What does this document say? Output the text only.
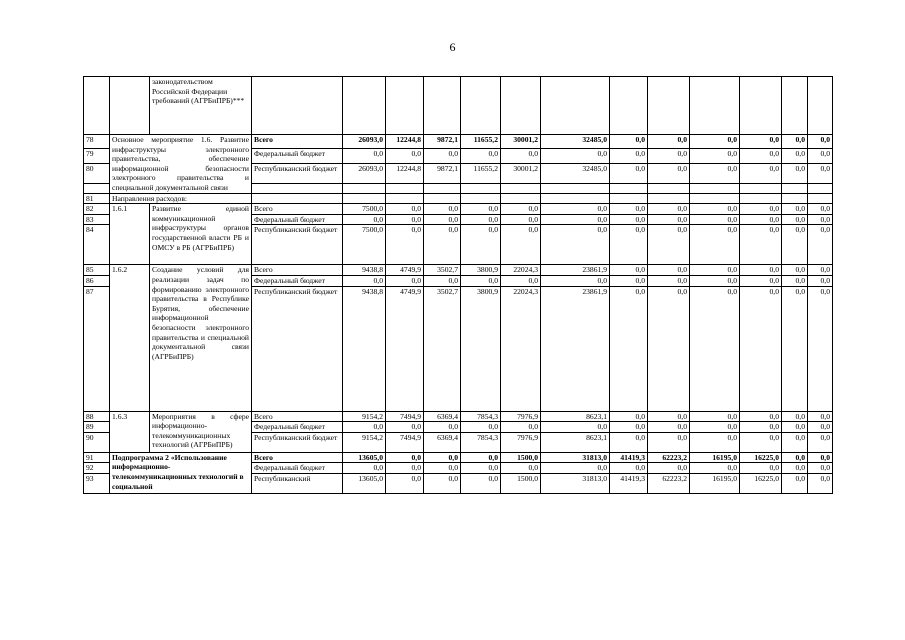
6
		законодательством Российской Федерации требований (АГРБиПРБ)***													
78	Основное мероприятие 1.6. Развитие инфраструктуры электронного правительства, обеспечение информационной безопасности электронного правительства и специальной документальной связи		Всего	26093,0	12244,8	9872,1	11655,2	30001,2	32485,0	0,0	0,0	0,0	0,0	0,0	0,0
79			Федеральный бюджет	0,0	0,0	0,0	0,0	0,0	0,0	0,0	0,0	0,0	0,0	0,0	0,0
80			Республиканский бюджет	26093,0	12244,8	9872,1	11655,2	30001,2	32485,0	0,0	0,0	0,0	0,0	0,0	0,0

81	Направления расходов:														
82	1.6.1	Развитие единой коммуникационной инфраструктуры органов государственной власти РБ и ОМСУ в РБ (АГРБиПРБ)	Всего	7500,0	0,0	0,0	0,0	0,0	0,0	0,0	0,0	0,0	0,0	0,0	0,0
83			Федеральный бюджет	0,0	0,0	0,0	0,0	0,0	0,0	0,0	0,0	0,0	0,0	0,0	0,0
84			Республиканский бюджет	7500,0	0,0	0,0	0,0	0,0	0,0	0,0	0,0	0,0	0,0	0,0	0,0
85	1.6.2	Создание условий для реализации задач по формированию электронного правительства в Республике Бурятия, обеспечение информационной безопасности электронного правительства и специальной документальной связи (АГРБиПРБ)	Всего	9438,8	4749,9	3502,7	3800,9	22024,3	23861,9	0,0	0,0	0,0	0,0	0,0	0,0
86			Федеральный бюджет	0,0	0,0	0,0	0,0	0,0	0,0	0,0	0,0	0,0	0,0	0,0	0,0
87			Республиканский бюджет	9438,8	4749,9	3502,7	3800,9	22024,3	23861,9	0,0	0,0	0,0	0,0	0,0	0,0
88	1.6.3	Мероприятия в сфере информационно-телекоммуникационных технологий (АГРБиПРБ)	Всего	9154,2	7494,9	6369,4	7854,3	7976,9	8623,1	0,0	0,0	0,0	0,0	0,0	0,0
89			Федеральный бюджет	0,0	0,0	0,0	0,0	0,0	0,0	0,0	0,0	0,0	0,0	0,0	0,0
90			Республиканский бюджет	9154,2	7494,9	6369,4	7854,3	7976,9	8623,1	0,0	0,0	0,0	0,0	0,0	0,0
91	Подпрограмма 2 «Использование информационно-телекоммуникационных технологий в социальной		Всего	13605,0	0,0	0,0	0,0	1500,0	31813,0	41419,3	62223,2	16195,0	16225,0	0,0	0,0
92			Федеральный бюджет	0,0	0,0	0,0	0,0	0,0	0,0	0,0	0,0	0,0	0,0	0,0	0,0
93			Республиканский	13605,0	0,0	0,0	0,0	1500,0	31813,0	41419,3	62223,2	16195,0	16225,0	0,0	0,0
